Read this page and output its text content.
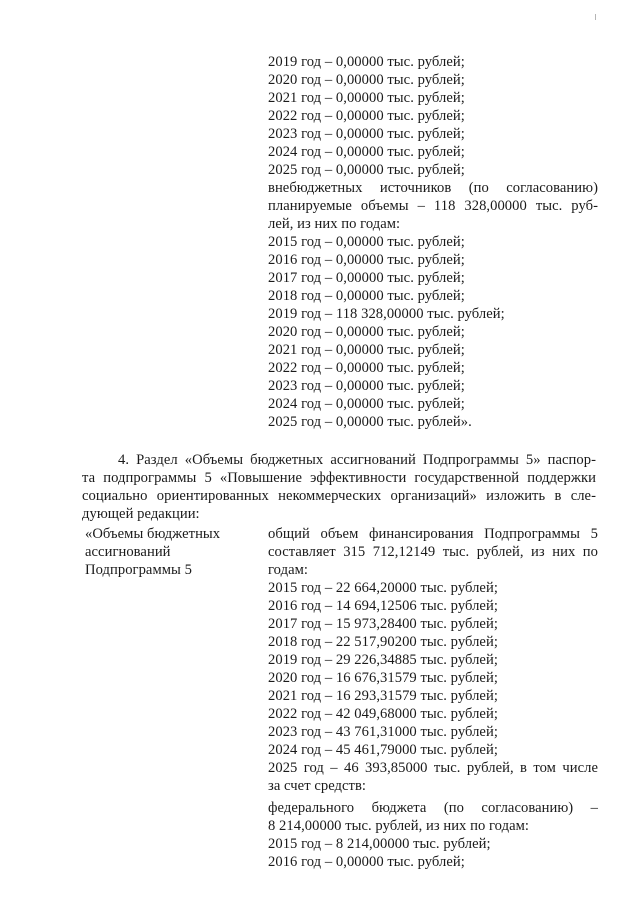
2019 год – 0,00000 тыс. рублей;
2020 год – 0,00000 тыс. рублей;
2021 год – 0,00000 тыс. рублей;
2022 год – 0,00000 тыс. рублей;
2023 год – 0,00000 тыс. рублей;
2024 год – 0,00000 тыс. рублей;
2025 год – 0,00000 тыс. рублей;
внебюджетных источников (по согласованию)
планируемые объемы – 118 328,00000 тыс. руб-
лей, из них по годам:
2015 год – 0,00000 тыс. рублей;
2016 год – 0,00000 тыс. рублей;
2017 год – 0,00000 тыс. рублей;
2018 год – 0,00000 тыс. рублей;
2019 год – 118 328,00000 тыс. рублей;
2020 год – 0,00000 тыс. рублей;
2021 год – 0,00000 тыс. рублей;
2022 год – 0,00000 тыс. рублей;
2023 год – 0,00000 тыс. рублей;
2024 год – 0,00000 тыс. рублей;
2025 год – 0,00000 тыс. рублей».
4. Раздел «Объемы бюджетных ассигнований Подпрограммы 5» паспор-
та подпрограммы 5 «Повышение эффективности государственной поддержки
социально ориентированных некоммерческих организаций» изложить в сле-
дующей редакции:
«Объемы бюджетных
ассигнований
Подпрограммы 5
общий объем финансирования Подпрограммы 5
составляет 315 712,12149 тыс. рублей, из них по
годам:
2015 год – 22 664,20000 тыс. рублей;
2016 год – 14 694,12506 тыс. рублей;
2017 год – 15 973,28400 тыс. рублей;
2018 год – 22 517,90200 тыс. рублей;
2019 год – 29 226,34885 тыс. рублей;
2020 год – 16 676,31579 тыс. рублей;
2021 год – 16 293,31579 тыс. рублей;
2022 год – 42 049,68000 тыс. рублей;
2023 год – 43 761,31000 тыс. рублей;
2024 год – 45 461,79000 тыс. рублей;
2025 год – 46 393,85000 тыс. рублей, в том числе
за счет средств:
федерального бюджета (по согласованию) –
8 214,00000 тыс. рублей, из них по годам:
2015 год – 8 214,00000 тыс. рублей;
2016 год – 0,00000 тыс. рублей;
